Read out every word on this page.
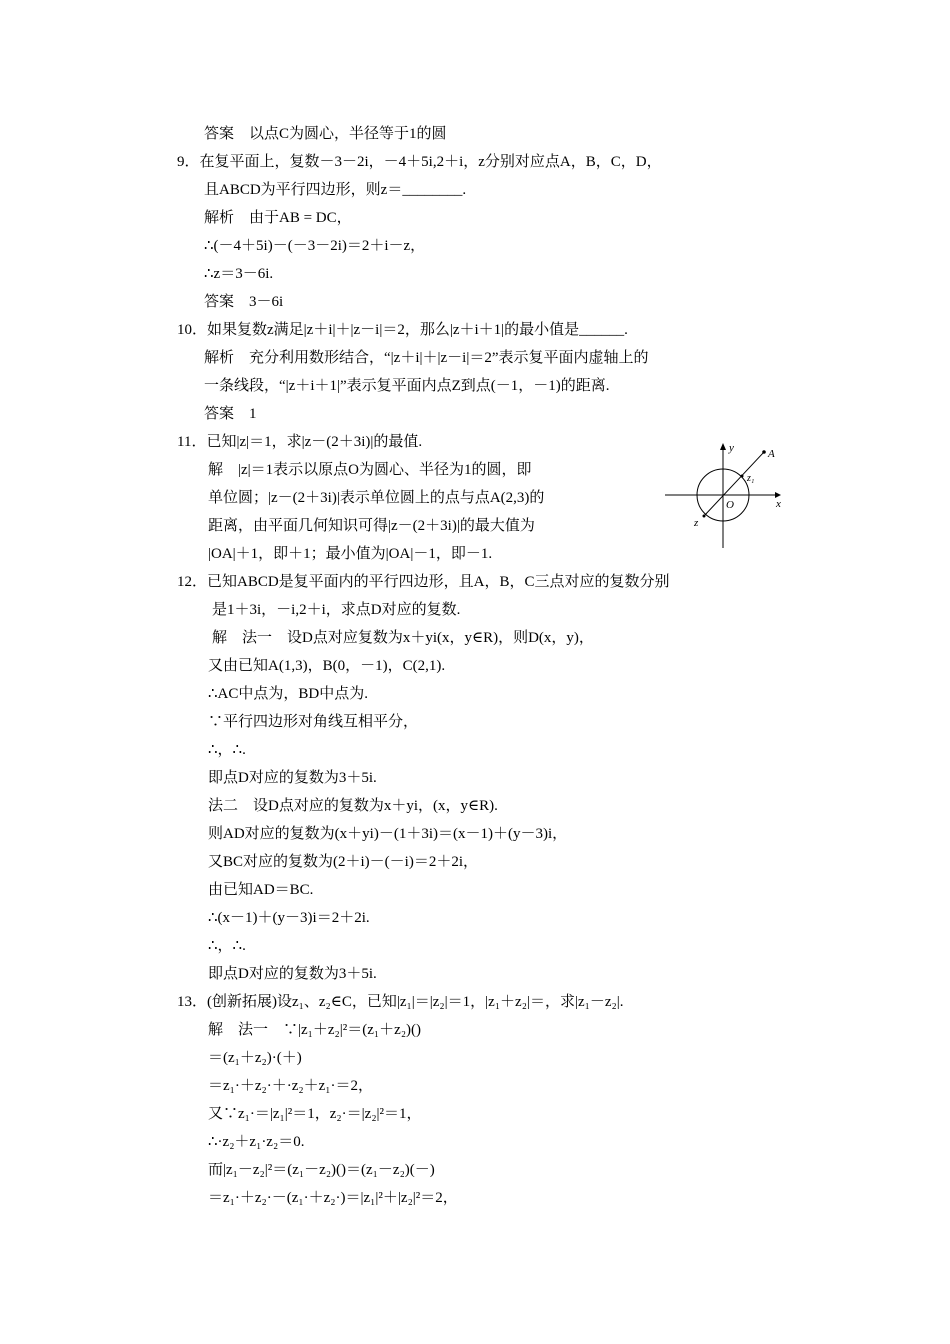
答案　以点C为圆心，半径等于1的圆
9．在复平面上，复数－3－2i，－4＋5i,2＋i，z分别对应点A，B，C，D，
且ABCD为平行四边形，则z＝________.
解析　由于AB = DC，
∴(－4＋5i)－(－3－2i)＝2＋i－z，
∴z＝3－6i.
答案　3－6i
10．如果复数z满足|z＋i|＋|z－i|＝2，那么|z＋i＋1|的最小值是______.
解析　充分利用数形结合，“|z＋i|＋|z－i|＝2”表示复平面内虚轴上的
一条线段，“|z＋i＋1|”表示复平面内点Z到点(－1，－1)的距离.
答案　1
11．已知|z|＝1，求|z－(2＋3i)|的最值.
解　|z|＝1表示以原点O为圆心、半径为1的圆，即
单位圆；|z－(2＋3i)|表示单位圆上的点与点A(2,3)的
距离，由平面几何知识可得|z－(2＋3i)|的最大值为
|OA|＋1，即＋1；最小值为|OA|－1，即－1.
12．已知ABCD是复平面内的平行四边形，且A，B，C三点对应的复数分别
是1＋3i，－i,2＋i，求点D对应的复数.
解　法一　设D点对应复数为x＋yi(x，y∈R)，则D(x，y)，
又由已知A(1,3)，B(0，－1)，C(2,1).
∴AC中点为，BD中点为.
∵平行四边形对角线互相平分，
∴，∴.
即点D对应的复数为3＋5i.
法二　设D点对应的复数为x＋yi，(x，y∈R).
则AD对应的复数为(x＋yi)－(1＋3i)＝(x－1)＋(y－3)i，
又BC对应的复数为(2＋i)－(－i)＝2＋2i，
由已知AD＝BC.
∴(x－1)＋(y－3)i＝2＋2i.
∴，∴.
即点D对应的复数为3＋5i.
13．(创新拓展)设z₁、z₂∈C，已知|z₁|＝|z₂|＝1，|z₁＋z₂|＝，求|z₁－z₂|.
解　法一　∵|z₁＋z₂|²＝(z₁＋z₂)()
＝(z₁＋z₂)·(＋)
＝z₁·＋z₂·＋·z₂＋z₁·＝2，
又∵z₁·＝|z₁|²＝1，z₂·＝|z₂|²＝1，
∴·z₂＋z₁·z₂＝0.
而|z₁－z₂|²＝(z₁－z₂)()＝(z₁－z₂)(－)
＝z₁·＋z₂·－(z₁·＋z₂·)＝|z₁|²＋|z₂|²＝2，
y
x
O
A
z₁
z
